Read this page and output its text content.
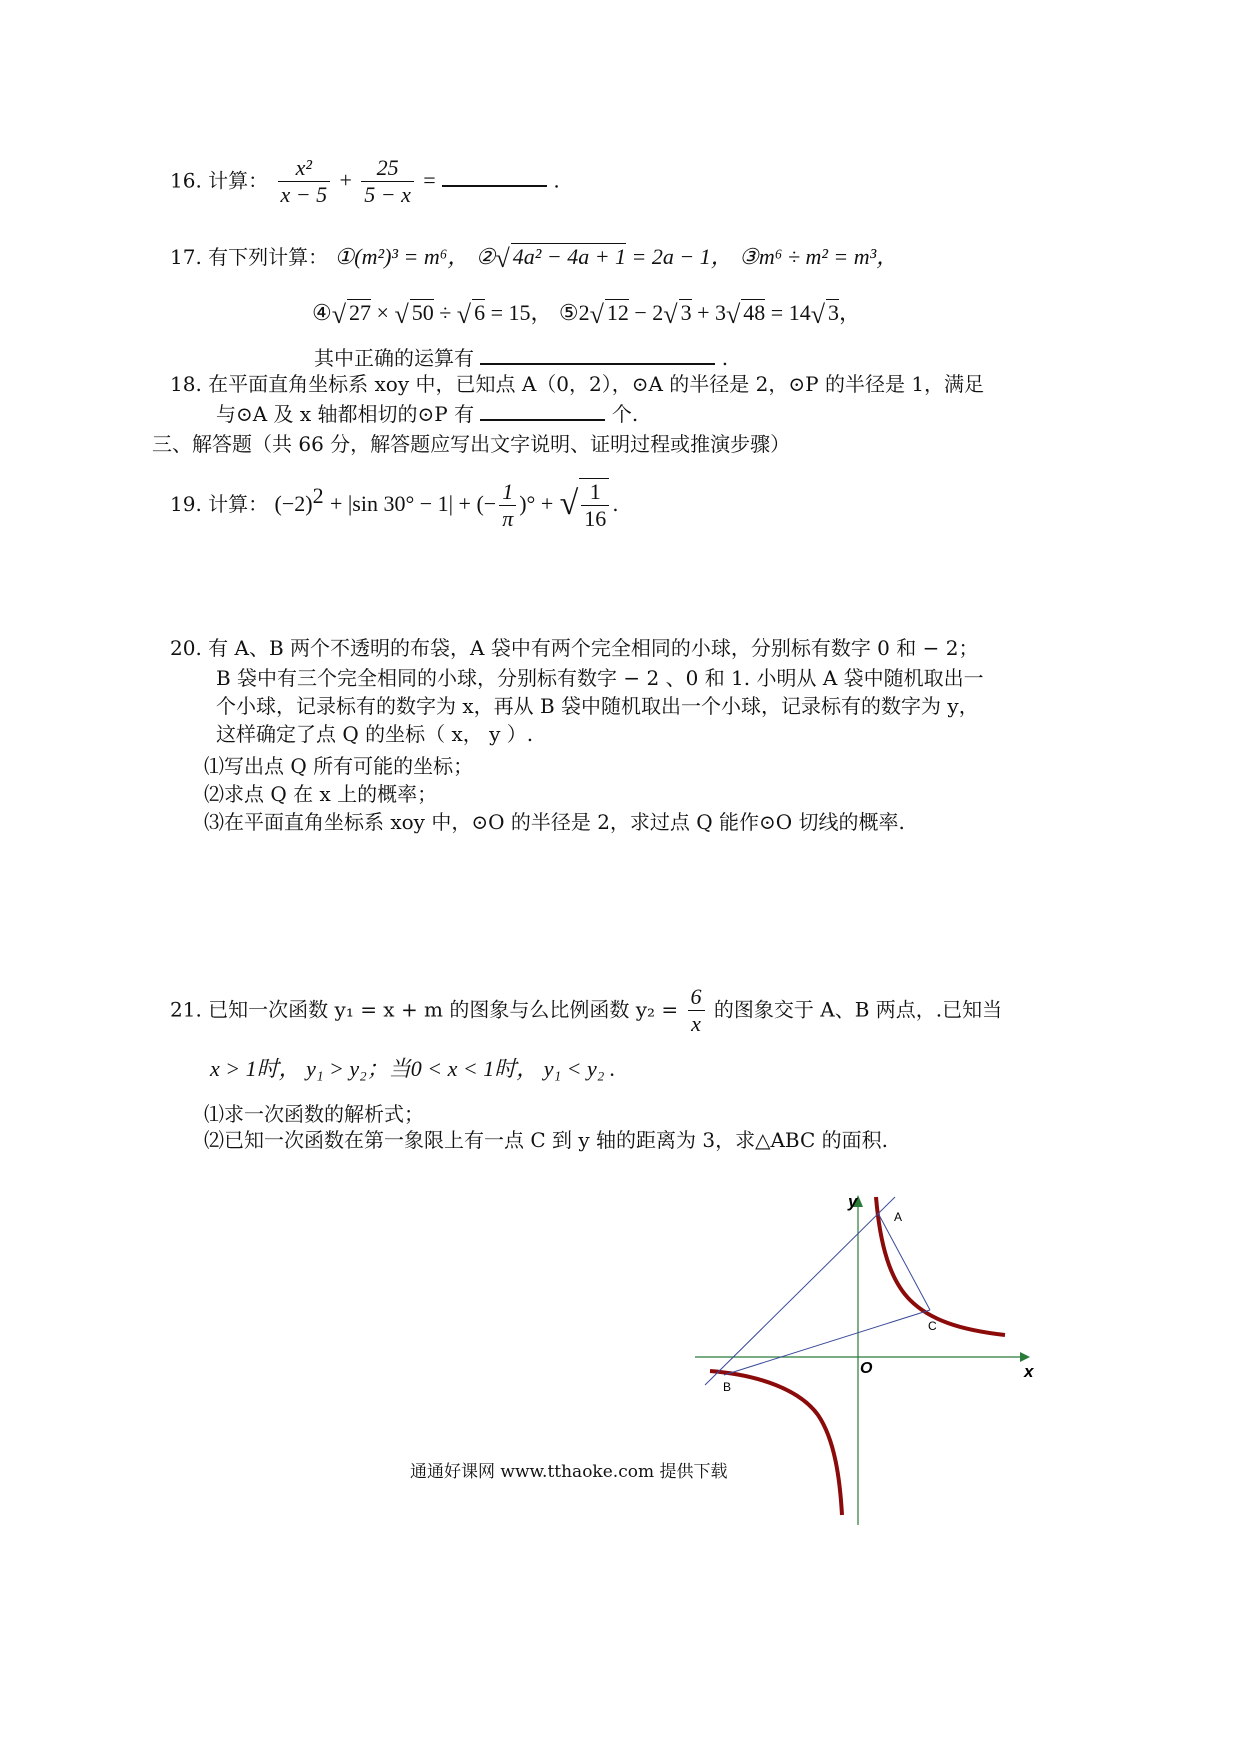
16. 计算： $\frac{\text{x²}}{x - 5} + \frac{25}{5 - x}$ =	.
17. 有下列计算： ①(m²)³ = m⁶， ②√ 4a² − 4a + 1 = 2a − 1， ③m⁶ ÷ m² = m³，
④√ 27 × √ 50 ÷ √ 6 = 15， ⑤2√ 12 − 2√ 3 + 3√ 48 = 14√ 3，
其中正确的运算有	.
18. 在平面直角坐标系 xoy 中，已知点 A（0，2），⊙A 的半径是 2，⊙P 的半径是 1，满足
与⊙A 及 x 轴都相切的⊙P 有	个.
三、解答题（共 66 分，解答题应写出文字说明、证明过程或推演步骤）
19. 计算： $(-2)^2 + |\sin$ 30° − 1| + (− $\frac{1}{\pi}$ )° + √ $\frac{1}{16}$ .
20. 有 A、B 两个不透明的布袋，A 袋中有两个完全相同的小球，分别标有数字 0 和 − 2；
B 袋中有三个完全相同的小球，分别标有数字 − 2 、0 和 1. 小明从 A 袋中随机取出一
个小球，记录标有的数字为 x，再从 B 袋中随机取出一个小球，记录标有的数字为 y，
这样确定了点 Q 的坐标（ x， y ）.
⑴写出点 Q 所有可能的坐标；
⑵求点 Q 在 x 上的概率；
⑶在平面直角坐标系 xoy 中，⊙O 的半径是 2，求过点 Q 能作⊙O 切线的概率.
21. 已知一次函数 y₁ = x + m 的图象与么比例函数 $y_2 = \frac{6}{x}$ 的图象交于 A、B 两点，.已知当
x > 1时， y₁ > y₂；当0 < x < 1时， y₁ < y₂ .
⑴求一次函数的解析式；
⑵已知一次函数在第一象限上有一点 C 到 y 轴的距离为 3，求△ABC 的面积.
x
y
O
A
B
C
通通好课网 www.tthaoke.com 提供下载
